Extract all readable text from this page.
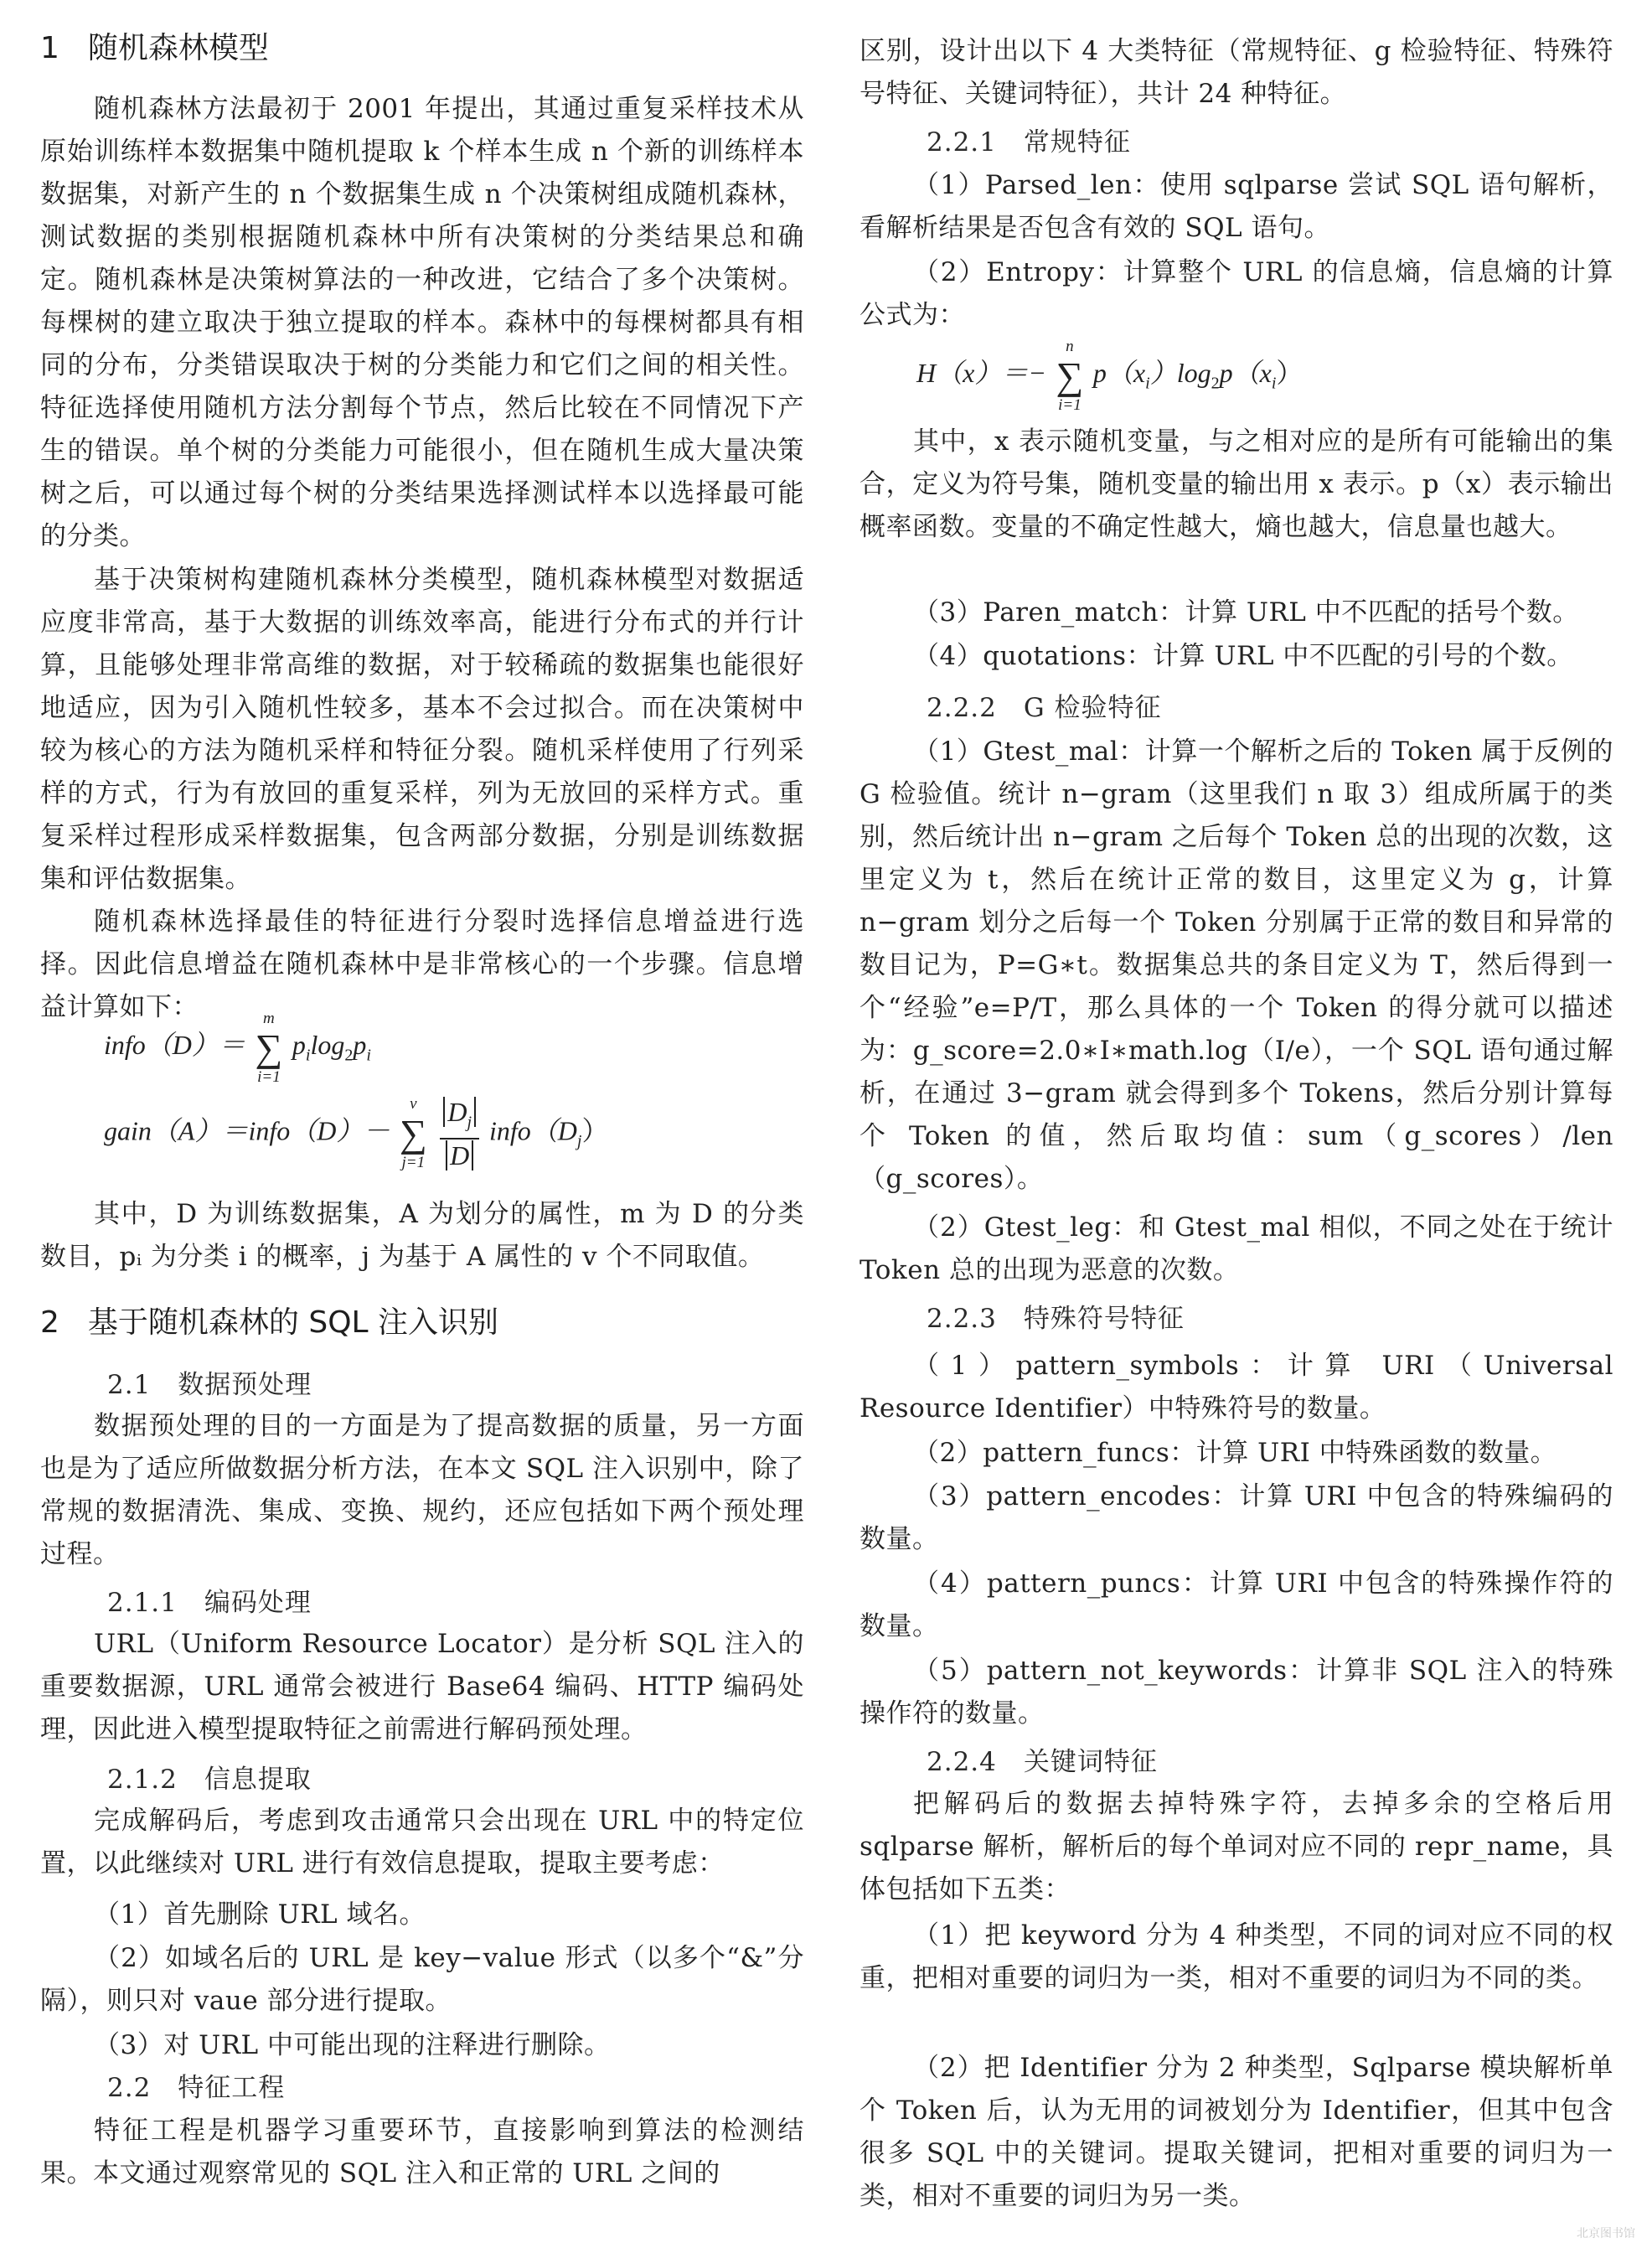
1 随机森林模型
随机森林方法最初于 2001 年提出，其通过重复采样技术从原始训练样本数据集中随机提取 k 个样本生成 n 个新的训练样本数据集，对新产生的 n 个数据集生成 n 个决策树组成随机森林，测试数据的类别根据随机森林中所有决策树的分类结果总和确定。随机森林是决策树算法的一种改进，它结合了多个决策树。每棵树的建立取决于独立提取的样本。森林中的每棵树都具有相同的分布，分类错误取决于树的分类能力和它们之间的相关性。特征选择使用随机方法分割每个节点，然后比较在不同情况下产生的错误。单个树的分类能力可能很小，但在随机生成大量决策树之后，可以通过每个树的分类结果选择测试样本以选择最可能的分类。
基于决策树构建随机森林分类模型，随机森林模型对数据适应度非常高，基于大数据的训练效率高，能进行分布式的并行计算，且能够处理非常高维的数据，对于较稀疏的数据集也能很好地适应，因为引入随机性较多，基本不会过拟合。而在决策树中较为核心的方法为随机采样和特征分裂。随机采样使用了行列采样的方式，行为有放回的重复采样，列为无放回的采样方式。重复采样过程形成采样数据集，包含两部分数据，分别是训练数据集和评估数据集。
随机森林选择最佳的特征进行分裂时选择信息增益进行选择。因此信息增益在随机森林中是非常核心的一个步骤。信息增益计算如下：
info（D）＝
m
∑
i=1
$p_i\log_2p_i$
gain（A）＝info（D）－
v
∑
j=1
$\frac{D_j}{D}$ $info(D_j)$
其中，D 为训练数据集，A 为划分的属性，m 为 D 的分类数目，pᵢ 为分类 i 的概率，j 为基于 A 属性的 v 个不同取值。
2 基于随机森林的 SQL 注入识别
2.1　数据预处理
数据预处理的目的一方面是为了提高数据的质量，另一方面也是为了适应所做数据分析方法，在本文 SQL 注入识别中，除了常规的数据清洗、集成、变换、规约，还应包括如下两个预处理过程。
2.1.1　编码处理
URL（Uniform Resource Locator）是分析 SQL 注入的重要数据源，URL 通常会被进行 Base64 编码、HTTP 编码处理，因此进入模型提取特征之前需进行解码预处理。
2.1.2　信息提取
完成解码后，考虑到攻击通常只会出现在 URL 中的特定位置，以此继续对 URL 进行有效信息提取，提取主要考虑：
（1）首先删除 URL 域名。
（2）如域名后的 URL 是 key−value 形式（以多个“&”分隔），则只对 vaue 部分进行提取。
（3）对 URL 中可能出现的注释进行删除。
2.2　特征工程
特征工程是机器学习重要环节，直接影响到算法的检测结果。本文通过观察常见的 SQL 注入和正常的 URL 之间的
区别，设计出以下 4 大类特征（常规特征、g 检验特征、特殊符号特征、关键词特征），共计 24 种特征。
2.2.1　常规特征
（1）Parsed_len：使用 sqlparse 尝试 SQL 语句解析，看解析结果是否包含有效的 SQL 语句。
（2）Entropy：计算整个 URL 的信息熵，信息熵的计算公式为：
H（x）＝−
n
∑
i=1
$p(x_i)\log_2p(x_i)$
其中，x 表示随机变量，与之相对应的是所有可能输出的集合，定义为符号集，随机变量的输出用 x 表示。p（x）表示输出概率函数。变量的不确定性越大，熵也越大，信息量也越大。
（3）Paren_match：计算 URL 中不匹配的括号个数。
（4）quotations：计算 URL 中不匹配的引号的个数。
2.2.2　G 检验特征
（1）Gtest_mal：计算一个解析之后的 Token 属于反例的 G 检验值。统计 n−gram（这里我们 n 取 3）组成所属于的类别，然后统计出 n−gram 之后每个 Token 总的出现的次数，这里定义为 t，然后在统计正常的数目，这里定义为 g，计算 n−gram 划分之后每一个 Token 分别属于正常的数目和异常的数目记为，P=G∗t。数据集总共的条目定义为 T，然后得到一个“经验”e=P/T，那么具体的一个 Token 的得分就可以描述为：g_score=2.0∗I∗math.log（I/e），一个 SQL 语句通过解析，在通过 3−gram 就会得到多个 Tokens，然后分别计算每个 Token 的值，然后取均值：sum（g_scores）/len（g_scores）。
（2）Gtest_leg：和 Gtest_mal 相似，不同之处在于统计 Token 总的出现为恶意的次数。
2.2.3　特殊符号特征
（1）pattern_symbols：计算 URI（Universal Resource Identifier）中特殊符号的数量。
（2）pattern_funcs：计算 URI 中特殊函数的数量。
（3）pattern_encodes：计算 URI 中包含的特殊编码的数量。
（4）pattern_puncs：计算 URI 中包含的特殊操作符的数量。
（5）pattern_not_keywords：计算非 SQL 注入的特殊操作符的数量。
2.2.4　关键词特征
把解码后的数据去掉特殊字符，去掉多余的空格后用 sqlparse 解析，解析后的每个单词对应不同的 repr_name，具体包括如下五类：
（1）把 keyword 分为 4 种类型，不同的词对应不同的权重，把相对重要的词归为一类，相对不重要的词归为不同的类。
（2）把 Identifier 分为 2 种类型，Sqlparse 模块解析单个 Token 后，认为无用的词被划分为 Identifier，但其中包含很多 SQL 中的关键词。提取关键词，把相对重要的词归为一类，相对不重要的词归为另一类。
北京图书馆
